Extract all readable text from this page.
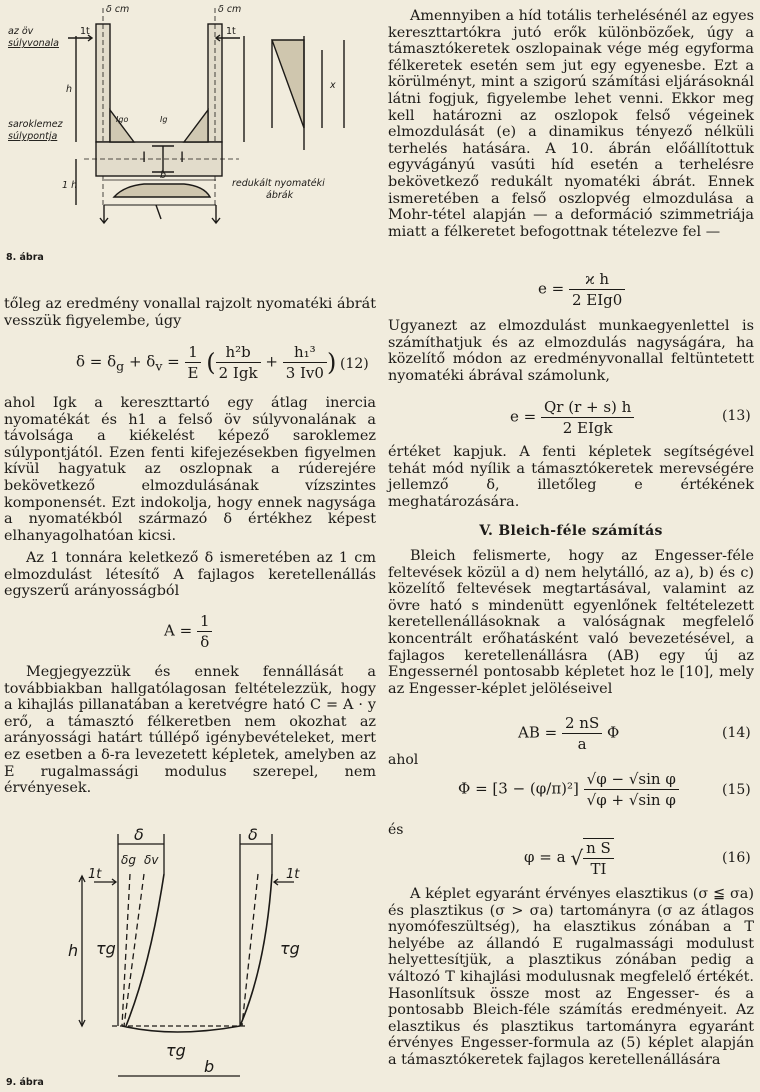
δ cm	δ cm
az öv
súlyvonala
saroklemez
súlypontja
redukált nyomatéki
ábrák
h
1 h
1t	1t
Igo	Ig
b
x
I I
8. ábra

tőleg az eredmény vonallal rajzolt nyomatéki ábrát vesszük figyelembe, úgy

$\delta = \delta_g + \delta_v = \frac{1}{E}$ ( $\frac{\text{h²b}}{\text{2 Igk}} + \frac{\text{h₁³}}{3 Iv0}$ ) (12)

ahol Igk a kereszttartó egy átlag inercia nyomatékát és h1 a felső öv súlyvonalának a távolsága a kiékelést képező saroklemez súlypontjától. Ezen fenti kifejezésekben figyelmen kívül hagyatuk az oszlopnak a rúderejére bekövetkező elmozdulásának vízszintes komponensét. Ezt indokolja, hogy ennek nagysága a nyomatékból származó δ értékhez képest elhanyagolhatóan kicsi.

Az 1 tonnára keletkező δ ismeretében az 1 cm elmozdulást létesítő A fajlagos keretellenállás egyszerű arányosságból

$A = \frac{1}{\delta}$

Megjegyezzük és ennek fennállását a továbbiakban hallgatólagosan feltételezzük, hogy a kihajlás pillanatában a keretvégre ható C = A · y erő, a támasztó félkeretben nem okozhat az arányossági határt túllépő igénybevételeket, mert ez esetben a δ-ra levezetett képletek, amelyben az E rugalmassági modulus szerepel, nem érvényesek.

δ	δ
δg δv
1t	1t
h τg	τg
τg
b
9. ábra

Amennyiben a híd totális terhelésénél az egyes kereszttartókra jutó erők különbözőek, úgy a támasztókeretek oszlopainak vége még egyforma félkeretek esetén sem jut egy egyenesbe. Ezt a körülményt, mint a szigorú számítási eljárásoknál látni fogjuk, figyelembe lehet venni. Ekkor meg kell határozni az oszlopok felső végeinek elmozdulását (e) a dinamikus tényező nélküli terhelés hatására. A 10. ábrán előállítottuk egyvágányú vasúti híd esetén a terhelésre bekövetkező redukált nyomatéki ábrát. Ennek ismeretében a felső oszlopvég elmozdulása a Mohr-tétel alapján — a deformáció szimmetriája miatt a félkeretet befogottnak tételezve fel —

$e = \frac{\text{ϰ h}}{\text{2 EIg0}}$

Ugyanezt az elmozdulást munkaegyenlettel is számíthatjuk és az elmozdulás nagyságára, ha közelítő módon az eredményvonallal feltüntetett nyomatéki ábrával számolunk,

$e = \frac{Qr (r + s) h}{\text{2 EIgk}}$	(13)

értéket kapjuk. A fenti képletek segítségével tehát mód nyílik a támasztókeretek merevségére jellemző δ, illetőleg e értékének meghatározására.

V. Bleich-féle számítás

Bleich felismerte, hogy az Engesser-féle feltevések közül a d) nem helytálló, az a), b) és c) közelítő feltevések megtartásával, valamint az övre ható s mindenütt egyenlőnek feltételezett keretellenállásoknak a valóságnak megfelelő koncentrált erőhatásként való bevezetésével, a fajlagos keretellenállásra (AB) egy új az Engessernél pontosabb képletet hoz le [10], mely az Engesser-képlet jelöléseivel

AB = $\frac{2 nS}{a}$ Φ	(14)
ahol
$\Phi = [3 - (\varphi/\pi)^2] \frac{\text{√φ − √sin φ}}{\text{√φ + √sin φ}}$	(15)
és
φ = a √ $\frac{\text{n S}}{TI}$	(16)

A képlet egyaránt érvényes elasztikus (σ ≦ σa) és plasztikus (σ > σa) tartományra (σ az átlagos nyomófeszültség), ha elasztikus zónában a T helyébe az állandó E rugalmassági modulust helyettesítjük, a plasztikus zónában pedig a változó T kihajlási modulusnak megfelelő értékét. Hasonlítsuk össze most az Engesser- és a pontosabb Bleich-féle számítás eredményeit. Az elasztikus és plasztikus tartományra egyaránt érvényes Engesser-formula az (5) képlet alapján a támasztókeretek fajlagos keretellenállására
